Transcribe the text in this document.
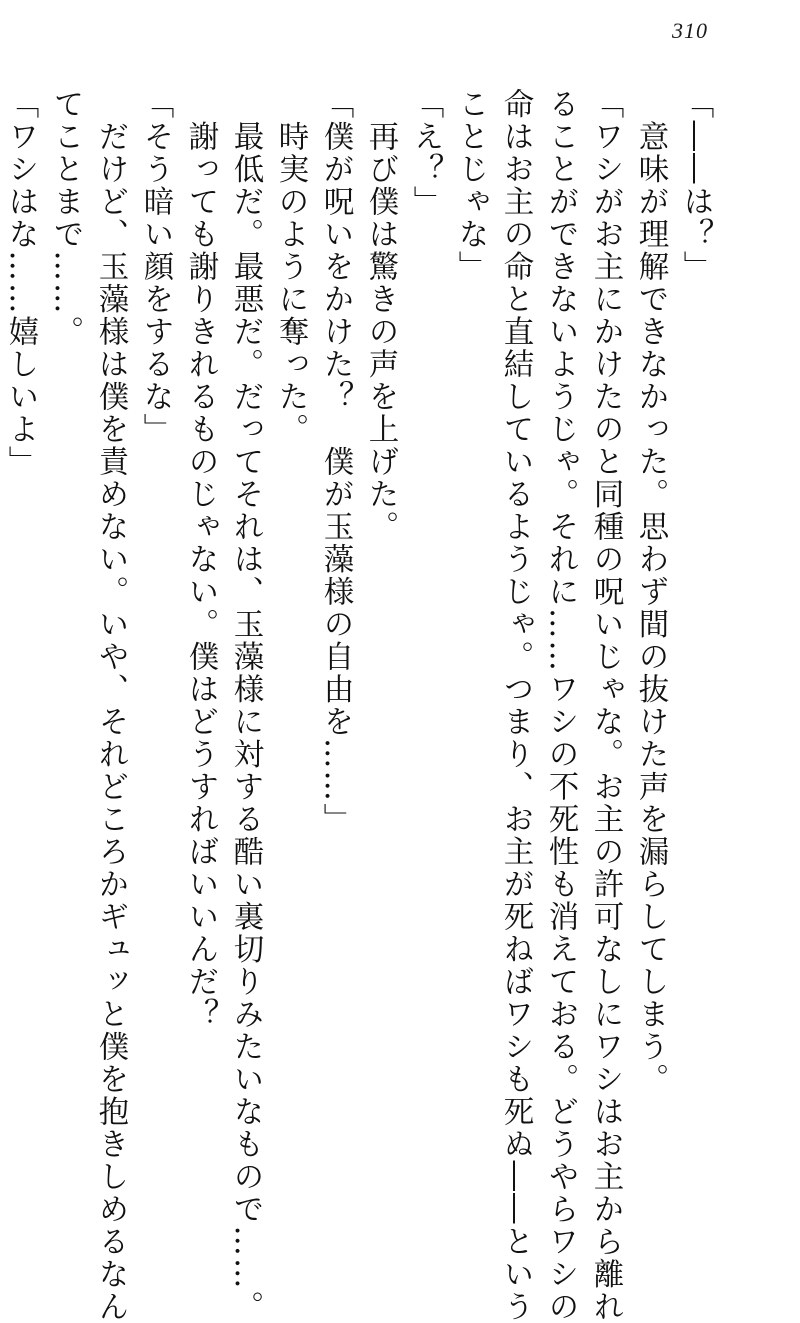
310

「――は？」

　意味が理解できなかった。思わず間の抜けた声を漏らしてしまう。

「ワシがお主にかけたのと同種の呪いじゃな。お主の許可なしにワシはお主から離れ

ることができないようじゃ。それに……ワシの不死性も消えておる。どうやらワシの

命はお主の命と直結しているようじゃ。つまり、お主が死ねばワシも死ぬ――という

ことじゃな」

「え？」

　再び僕は驚きの声を上げた。

「僕が呪いをかけた？　僕が玉藻様の自由を……」

　時実のように奪った。

　最低だ。最悪だ。だってそれは、玉藻様に対する酷い裏切りみたいなもので……。

　謝っても謝りきれるものじゃない。僕はどうすればいいんだ？

「そう暗い顔をするな」

　だけど、玉藻様は僕を責めない。いや、それどころかギュッと僕を抱きしめるなん

てことまで……。

「ワシはな……嬉しいよ」
